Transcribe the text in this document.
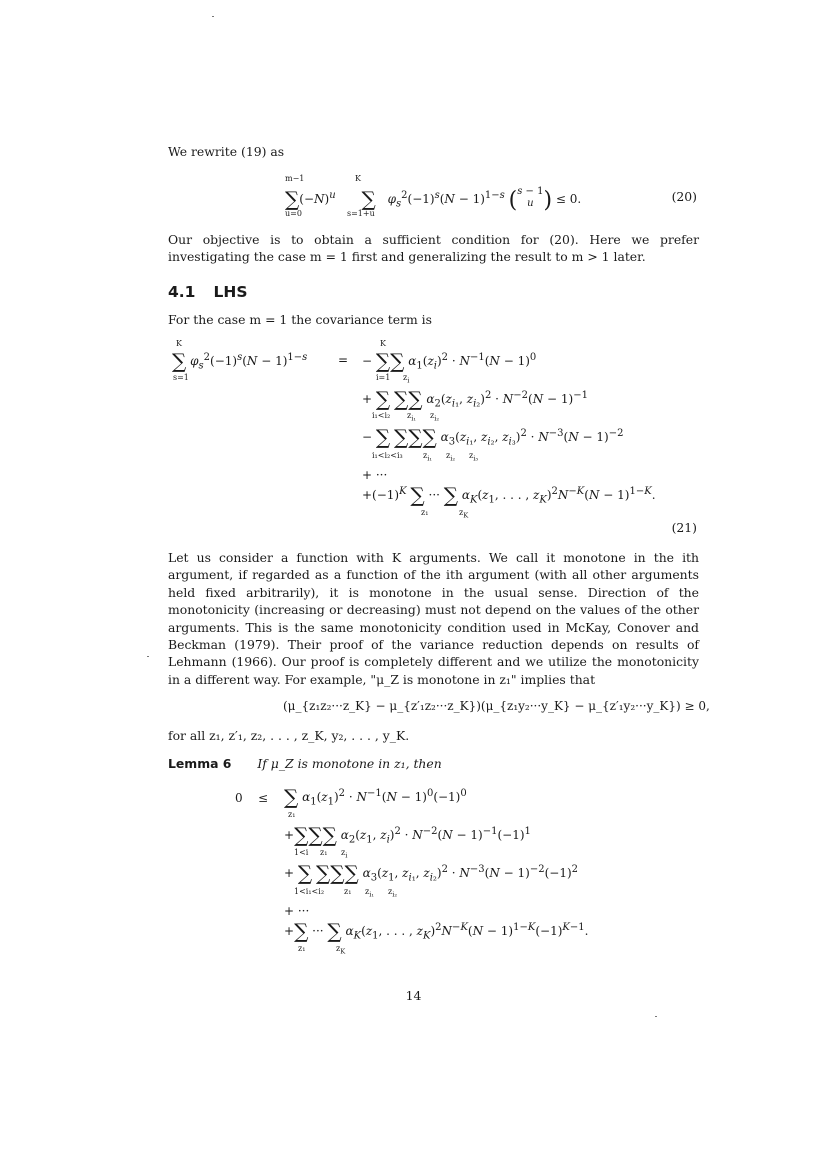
We rewrite (19) as
$\sum(-N)^u$ ∑ $\varphi_s^2(-1)^s(N - 1)^{1-s}$ (s − 1
u ) ≤ 0.
m−1
u=0
K
s=1+u
(20)
Our objective is to obtain a sufficient condition for (20). Here we prefer investigating the case m = 1 first and generalizing the result to m > 1 later.
4.1 LHS
For the case m = 1 the covariance term is
∑ $\varphi_s^2(-1)^s(N - 1)^{1-s}$
K
s=1
= − ∑∑ $\alpha_1(z_i)^2 \cdot N^{-1}(N - 1)^0$
K
i=1 $z_i$
+ ∑ ∑∑ $\alpha_2(z_{i_1}$, $z_{i_2})^2 \cdot N^{-2}(N - 1)^{-1}$
i₁<i₂ $z_{i_1}$ $z_{i_2}$
− ∑ ∑∑∑ $\alpha_3(z_{i_1}$, $z_{i_2}$, $z_{i_3})^2 \cdot N^{-3}(N - 1)^{-2}$
i₁<i₂<i₃	$z_{i_1}$ $z_{i_2}$ $z_{i_3}$
+ ···
$+(-1)^K$ ∑ ··· ∑ $\alpha_K(z_1$, . . . , $z_K)^2N^{-K}(N - 1)^{1-K}$.
z₁	$z_K$
(21)
Let us consider a function with K arguments. We call it monotone in the ith argument, if regarded as a function of the ith argument (with all other arguments held fixed arbitrarily), it is monotone in the usual sense. Direction of the monotonicity (increasing or decreasing) must not depend on the values of the other arguments. This is the same monotonicity condition used in McKay, Conover and Beckman (1979). Their proof of the variance reduction depends on results of Lehmann (1966). Our proof is completely different and we utilize the monotonicity in a different way. For example, "μ_Z is monotone in z₁" implies that
(μ_{z₁z₂···z_K} − μ_{z′₁z₂···z_K})(μ_{z₁y₂···y_K} − μ_{z′₁y₂···y_K}) ≥ 0,
for all z₁, z′₁, z₂, . . . , z_K, y₂, . . . , y_K.
Lemma 6 If μ_Z is monotone in z₁, then
0 ≤ ∑ $\alpha_1(z_1)^2 \cdot N^{-1}(N - 1)^0(-1)^0$
z₁
+∑∑∑ $\alpha_2(z_1$, $z_i)^2 \cdot N^{-2}(N - 1)^{-1}(-1)^1$
1<i z₁ $z_i$
+ ∑ ∑∑∑ $\alpha_3(z_1$, $z_{i_1}$, $z_{i_2})^2 \cdot N^{-3}(N - 1)^{-2}(-1)^2$
1<i₁<i₂ z₁ $z_{i_1}$ $z_{i_2}$
+ ···
+∑ ··· ∑ $\alpha_K(z_1$, . . . , $z_K)^2N^{-K}(N - 1)^{1-K}(-1)^{K-1}$.
z₁	$z_K$
14
